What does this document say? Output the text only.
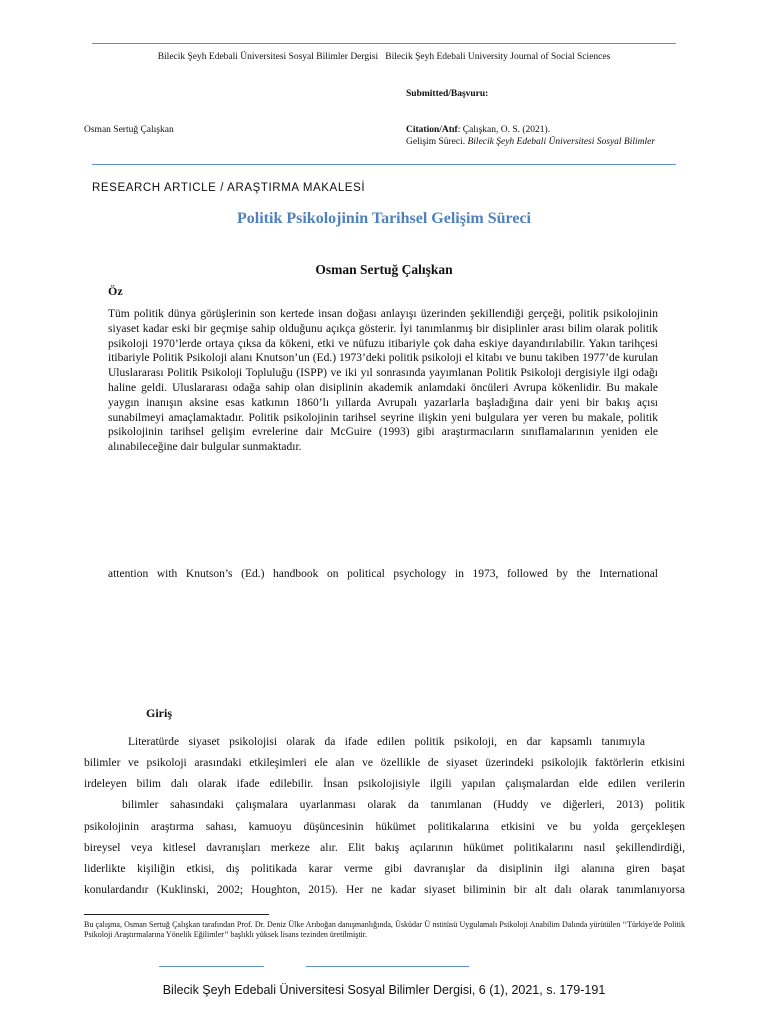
Bilecik Şeyh Edebali Üniversitesi Sosyal Bilimler Dergisi Bilecik Şeyh Edebali University Journal of Social Sciences
Submitted/Başvuru:
Osman Sertuğ Çalışkan	Citation/Atıf: Çalışkan, O. S. (2021).
Gelişim Süreci. Bilecik Şeyh Edebali Üniversitesi Sosyal Bilimler
RESEARCH ARTICLE / ARAŞTIRMA MAKALESİ
Politik Psikolojinin Tarihsel Gelişim Süreci
Osman Sertuğ Çalışkan
Öz

Tüm politik dünya görüşlerinin son kertede insan doğası anlayışı üzerinden şekillendiği gerçeği, politik psikolojinin siyaset kadar eski bir geçmişe sahip olduğunu açıkça gösterir. İyi tanımlanmış bir disiplinler arası bilim olarak politik psikoloji 1970’lerde ortaya çıksa da kökeni, etki ve nüfuzu itibariyle çok daha eskiye dayandırılabilir. Yakın tarihçesi itibariyle Politik Psikoloji alanı Knutson’un (Ed.) 1973’deki politik psikoloji el kitabı ve bunu takiben 1977’de kurulan Uluslararası Politik Psikoloji Topluluğu (ISPP) ve iki yıl sonrasında yayımlanan Politik Psikoloji dergisiyle ilgi odağı haline geldi. Uluslararası odağa sahip olan disiplinin akademik anlamdaki öncüleri Avrupa kökenlidir. Bu makale yaygın inanışın aksine esas katkının 1860’lı yıllarda Avrupalı yazarlarla başladığına dair yeni bir bakış açısı sunabilmeyi amaçlamaktadır. Politik psikolojinin tarihsel seyrine ilişkin yeni bulgulara yer veren bu makale, politik psikolojinin tarihsel gelişim evrelerine dair McGuire (1993) gibi araştırmacıların sınıflamalarının yeniden ele alınabileceğine dair bulgular sunmaktadır.

attention with Knutson’s (Ed.) handbook on political psychology in 1973, followed by the International
Giriş
Literatürde siyaset psikolojisi olarak da ifade edilen politik psikoloji, en dar kapsamlı tanımıyla
bilimler ve psikoloji arasındaki etkileşimleri ele alan ve özellikle de siyaset üzerindeki psikolojik faktörlerin etkisini
irdeleyen bilim dalı olarak ifade edilebilir. İnsan psikolojisiyle ilgili yapılan çalışmalardan elde edilen verilerin
bilimler sahasındaki çalışmalara uyarlanması olarak da tanımlanan (Huddy ve diğerleri, 2013) politik
psikolojinin araştırma sahası, kamuoyu düşüncesinin hükümet politikalarına etkisini ve bu yolda gerçekleşen
bireysel veya kitlesel davranışları merkeze alır. Elit bakış açılarının hükümet politikalarını nasıl şekillendirdiği,
liderlikte kişiliğin etkisi, dış politikada karar verme gibi davranışlar da disiplinin ilgi alanına giren başat
konulardandır (Kuklinski, 2002; Houghton, 2015). Her ne kadar siyaset biliminin bir alt dalı olarak tanımlanıyorsa
Bu çalışma, Osman Sertuğ Çalışkan tarafından Prof. Dr. Deniz Ülke Arıboğan danışmanlığında, Üsküdar Ü nstitüsü Uygulamalı Psikoloji Anabilim Dalında yürütülen ‘‘Türkiye'de Politik Psikoloji Araştırmalarına Yönelik Eğilimler’’ başlıklı yüksek lisans tezinden üretilmiştir.
Bilecik Şeyh Edebali Üniversitesi Sosyal Bilimler Dergisi, 6 (1), 2021, s. 179-191
